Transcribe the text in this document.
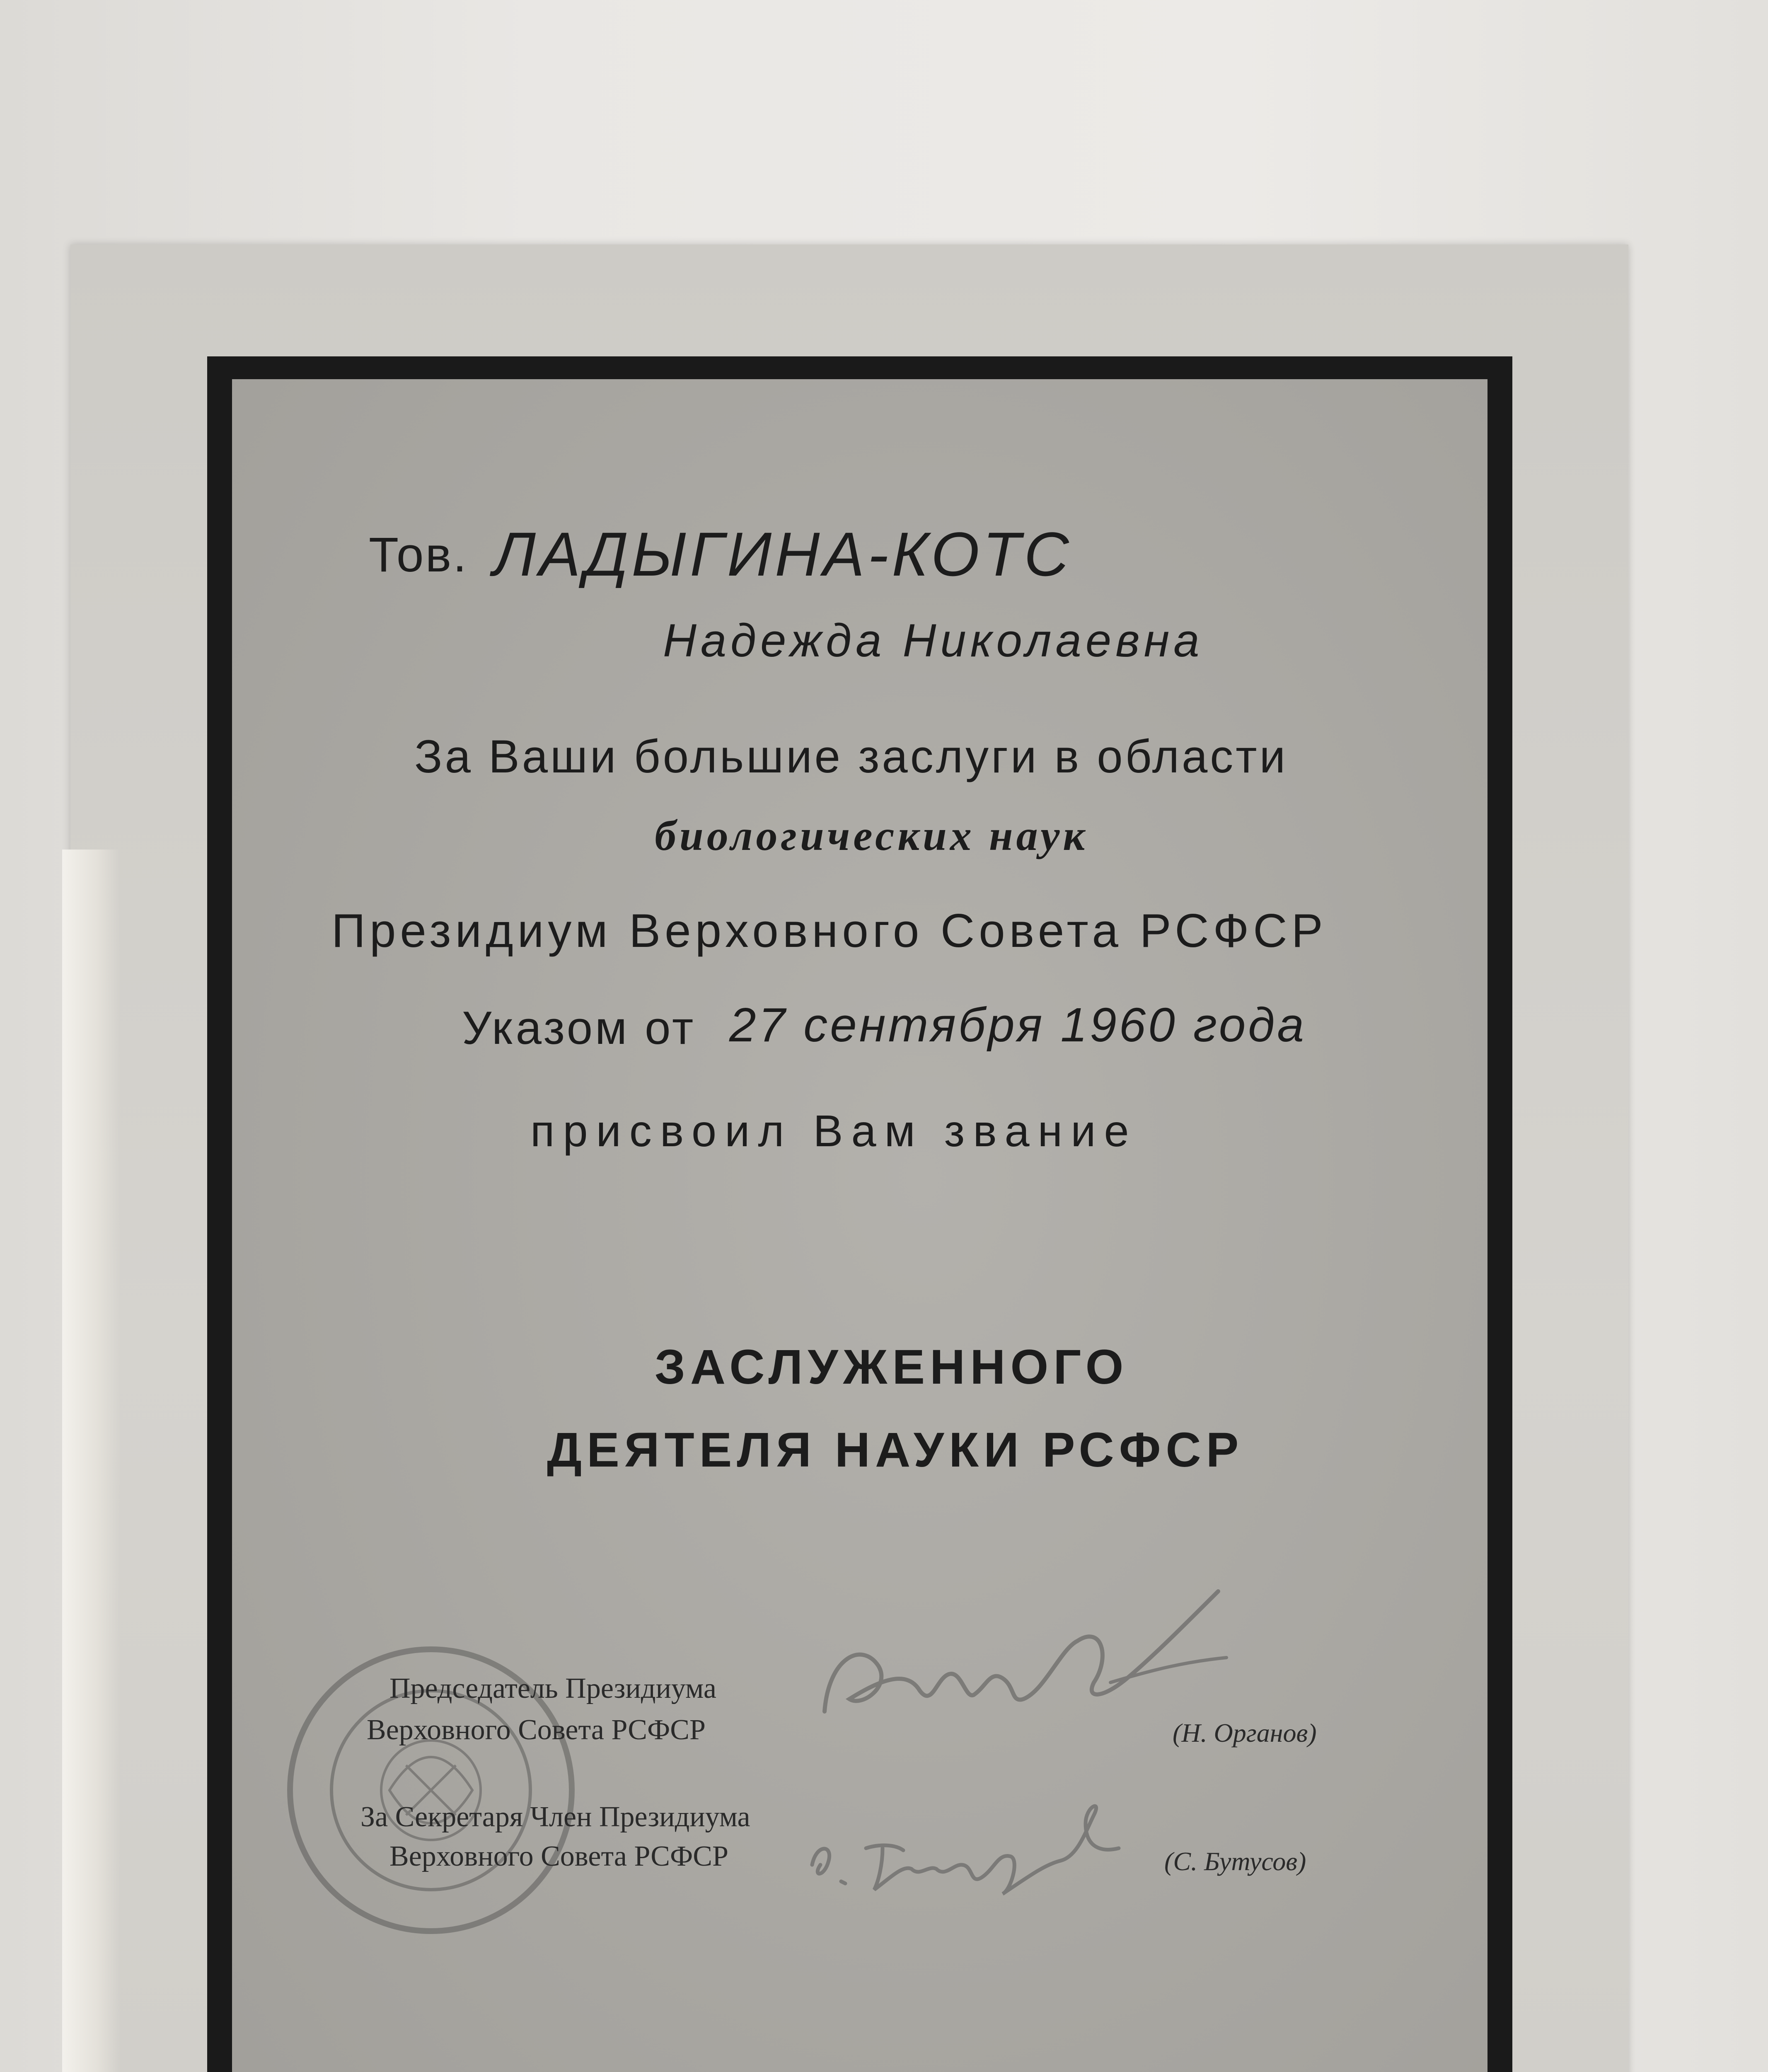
Тов. ЛАДЫГИНА-КОТС
Надежда Николаевна
За Ваши большие заслуги в области
биологических наук
Президиум Верховного Совета РСФСР
Указом от 27 сентября 1960 года
присвоил Вам звание
ЗАСЛУЖЕННОГО
ДЕЯТЕЛЯ НАУКИ РСФСР
Председатель Президиума
Верховного Совета РСФСР	(Н. Органов)
За Секретаря Член Президиума
Верховного Совета РСФСР	(С. Бутусов)
